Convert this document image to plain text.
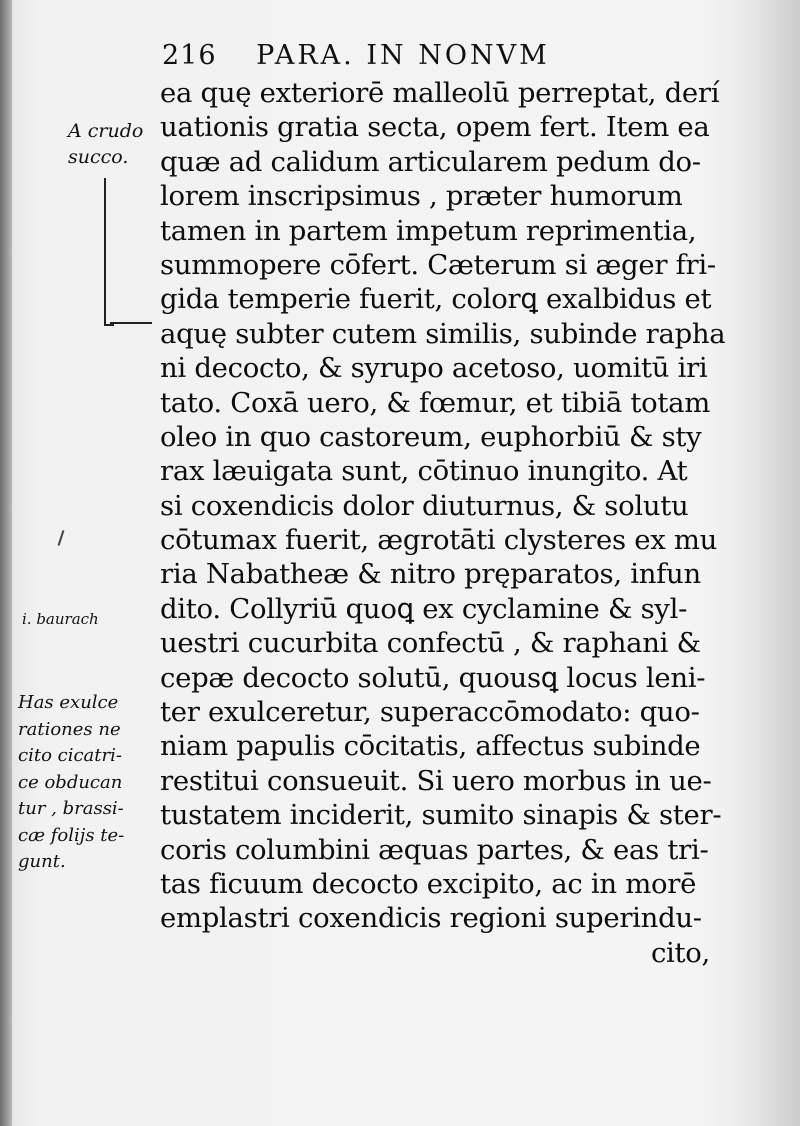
216 PARA. IN NONVM
ea quę exteriorē malleolū perreptat, derí
uationis gratia secta, opem fert. Item ea
quæ ad calidum articularem pedum do-
lorem inscripsimus , præter humorum
tamen in partem impetum reprimentia,
summopere cōfert. Cæterum si æger fri-
gida temperie fuerit, colorꝗ exalbidus et
aquę subter cutem similis, subinde rapha
ni decocto, & syrupo acetoso, uomitū iri
tato. Coxā uero, & fœmur, et tibiā totam
oleo in quo castoreum, euphorbiū & sty
rax læuigata sunt, cōtinuo inungito. At
si coxendicis dolor diuturnus, & solutu
cōtumax fuerit, ægrotāti clysteres ex mu
ria Nabatheæ & nitro pręparatos, infun
dito. Collyriū quoꝗ ex cyclamine & syl-
uestri cucurbita confectū , & raphani &
cepæ decocto solutū, quousꝗ locus leni-
ter exulceretur, superaccōmodato: quo-
niam papulis cōcitatis, affectus subinde
restitui consueuit. Si uero morbus in ue-
tustatem inciderit, sumito sinapis & ster-
coris columbini æquas partes, & eas tri-
tas ficuum decocto excipito, ac in morē
emplastri coxendicis regioni superindu-
cito,
A crudo
succo.
i. baurach
Has exulce
rationes ne
cito cicatri-
ce obducan
tur , brassi-
cæ folijs te-
gunt.
